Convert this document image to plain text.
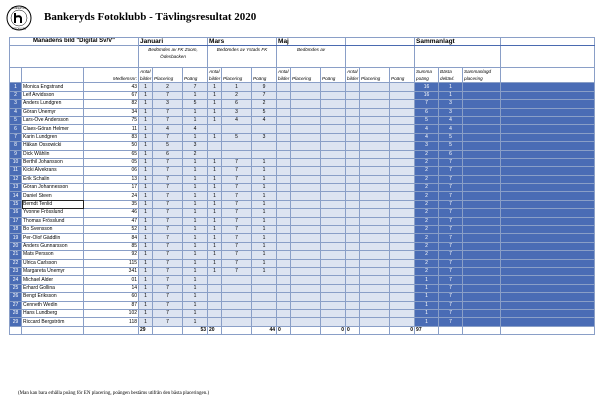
BANKERYDS
FOTOKLUBB
Bankeryds Fotoklubb - Tävlingsresultat 2020
Månadens bild "Digital Sv/V"			Januari			Mars			Maj						Sammanlagt			
			Bedömdes av FK Zoom, Ödesbacken			Bedömdes av Ystads FK			Bedömdes av									
		Medlemsnr:	Antal bilder	Placering	Poäng	Antal bilder	Placering	Poäng	Antal bilder	Placering	Poäng	Antal bilder	Placering	Poäng	Summa poäng	Bästa deltävl.	Sammanlagd placering	
1	Monica Engstrand	43	1	2	7	1	1	9							16	1		
2	Leif Arvidsson	67	1	7	1	1	2	7							16	1		
3	Anders Lundgren	82	1	3	5	1	6	2							7	3		
4	Göran Unemyr	34	1	7	1	1	3	5							6	3		
5	Lars-Ove Andersson	75	1	7	1	1	4	4							5	4		
6	Claes-Göran Helmer	11	1	4	4										4	4		
7	Karin Lundgren	83	1	7	1	1	5	3							4	5		
8	Håkan Ossowicki	50	1	5	3										3	5		
9	Dick Wåhlin	65	1	6	2										2	6		
10	Berthil Johansson	05	1	7	1	1	7	1							2	7		
11	Kicki Alvekrans	06	1	7	1	1	7	1							2	7		
12	Erik Schalin	13	1	7	1	1	7	1							2	7		
13	Göran Johannesson	17	1	7	1	1	7	1							2	7		
14	Daniel Steen	24	1	7	1	1	7	1							2	7		
15	Berndt Tenlid	35	1	7	1	1	7	1							2	7		
16	Yvonne Frösslund	46	1	7	1	1	7	1							2	7		
17	Thomas Frösslund	47	1	7	1	1	7	1							2	7		
18	Bo Svensson	52	1	7	1	1	7	1							2	7		
19	Per-Olof Gäddlin	84	1	7	1	1	7	1							2	7		
20	Anders Gunnarsson	85	1	7	1	1	7	1							2	7		
21	Mats Persson	92	1	7	1	1	7	1							2	7		
22	Ulrica Carlsson	115	1	7	1	1	7	1							2	7		
23	Margareta Unemyr	341	1	7	1	1	7	1							2	7		
24	Michael Alder	01	1	7	1										1	7		
25	Erhard Gollina	14	1	7	1										1	7		
26	Bengt Eriksson	60	1	7	1										1	7		
27	Cenneth Wedin	87	1	7	1										1	7		
28	Hans Lundberg	102	1	7	1										1	7		
29	Riccard Bergström	118	1	7	1										1	7		
			29		53	20		44	0		0	0		0	97			
(Man kan bara erhålla poäng för EN placering, poängen bestäms utifrån den bästa placeringen.)
